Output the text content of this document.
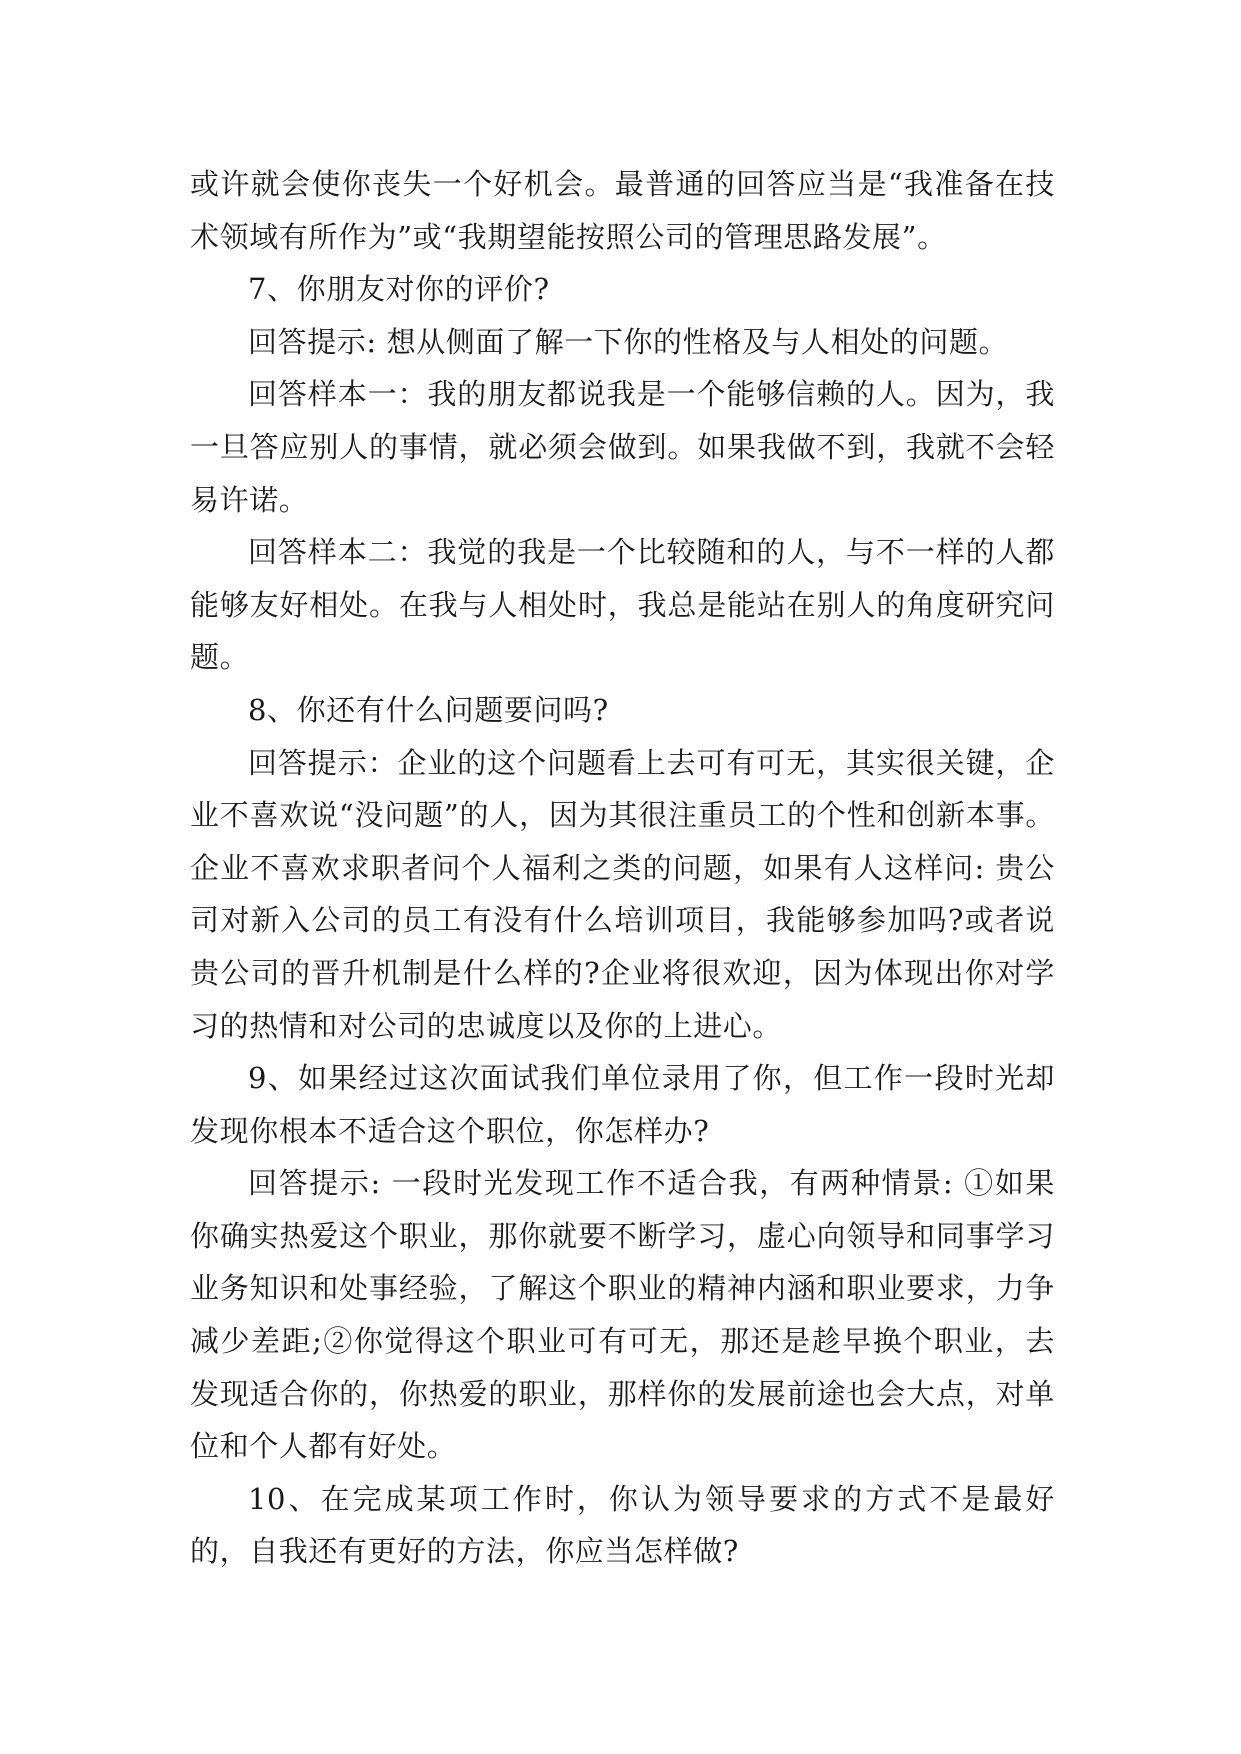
或许就会使你丧失一个好机会。最普通的回答应当是“我准备在技术领域有所作为”或“我期望能按照公司的管理思路发展”。

7、你朋友对你的评价?

回答提示: 想从侧面了解一下你的性格及与人相处的问题。

回答样本一：我的朋友都说我是一个能够信赖的人。因为，我一旦答应别人的事情，就必须会做到。如果我做不到，我就不会轻易许诺。

回答样本二：我觉的我是一个比较随和的人，与不一样的人都能够友好相处。在我与人相处时，我总是能站在别人的角度研究问题。

8、你还有什么问题要问吗?

回答提示：企业的这个问题看上去可有可无，其实很关键，企业不喜欢说“没问题”的人，因为其很注重员工的个性和创新本事。企业不喜欢求职者问个人福利之类的问题，如果有人这样问: 贵公司对新入公司的员工有没有什么培训项目，我能够参加吗?或者说贵公司的晋升机制是什么样的?企业将很欢迎，因为体现出你对学习的热情和对公司的忠诚度以及你的上进心。

9、如果经过这次面试我们单位录用了你，但工作一段时光却发现你根本不适合这个职位，你怎样办?

回答提示: 一段时光发现工作不适合我，有两种情景: ①如果你确实热爱这个职业，那你就要不断学习，虚心向领导和同事学习业务知识和处事经验，了解这个职业的精神内涵和职业要求，力争减少差距;②你觉得这个职业可有可无，那还是趁早换个职业，去发现适合你的，你热爱的职业，那样你的发展前途也会大点，对单位和个人都有好处。

10、在完成某项工作时，你认为领导要求的方式不是最好的，自我还有更好的方法，你应当怎样做?
